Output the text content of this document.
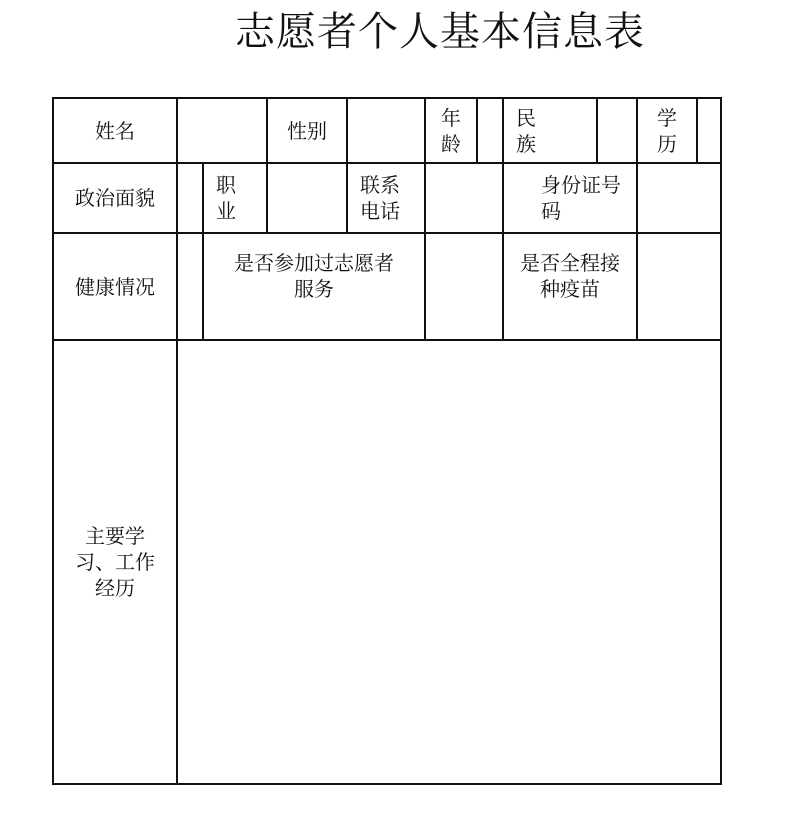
志愿者个人基本信息表
姓名	性别
年
龄
民
族
学
历
政治面貌
职
业
联系
电话
身份证号
码
健康情况
是否参加过志愿者
服务
是否全程接
种疫苗
主要学
习、工作
经历
